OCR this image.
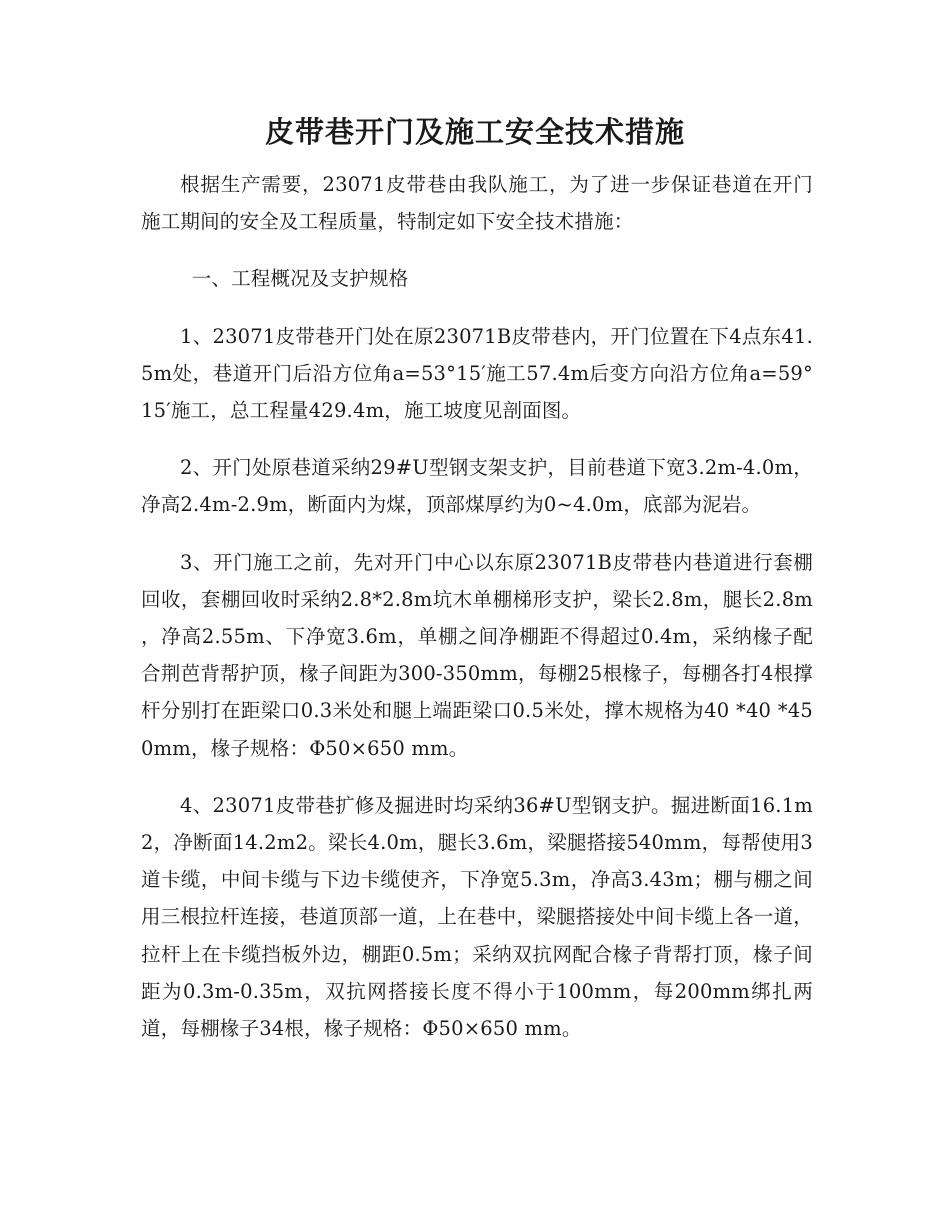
皮带巷开门及施工安全技术措施

根据生产需要，23071皮带巷由我队施工，为了进一步保证巷道在开门施工期间的安全及工程质量，特制定如下安全技术措施：

一、工程概况及支护规格

1、23071皮带巷开门处在原23071B皮带巷内，开门位置在下4点东41.5m处，巷道开门后沿方位角a=53°15′施工57.4m后变方向沿方位角a=59°15′施工，总工程量429.4m，施工坡度见剖面图。

2、开门处原巷道采纳29#U型钢支架支护，目前巷道下宽3.2m-4.0m，净高2.4m-2.9m，断面内为煤，顶部煤厚约为0~4.0m，底部为泥岩。

3、开门施工之前，先对开门中心以东原23071B皮带巷内巷道进行套棚回收，套棚回收时采纳2.8*2.8m坑木单棚梯形支护，梁长2.8m，腿长2.8m ，净高2.55m、下净宽3.6m，单棚之间净棚距不得超过0.4m，采纳椽子配合荆芭背帮护顶，椽子间距为300-350mm，每棚25根椽子，每棚各打4根撑杆分别打在距梁口0.3米处和腿上端距梁口0.5米处，撑木规格为40 *40 *450mm，椽子规格：Φ50×650 mm。

4、23071皮带巷扩修及掘进时均采纳36#U型钢支护。掘进断面16.1m2，净断面14.2m2。梁长4.0m，腿长3.6m，梁腿搭接540mm，每帮使用3道卡缆，中间卡缆与下边卡缆使齐，下净宽5.3m，净高3.43m；棚与棚之间用三根拉杆连接，巷道顶部一道，上在巷中，梁腿搭接处中间卡缆上各一道，拉杆上在卡缆挡板外边，棚距0.5m；采纳双抗网配合椽子背帮打顶，椽子间距为0.3m-0.35m，双抗网搭接长度不得小于100mm，每200mm绑扎两道，每棚椽子34根，椽子规格：Φ50×650 mm。
